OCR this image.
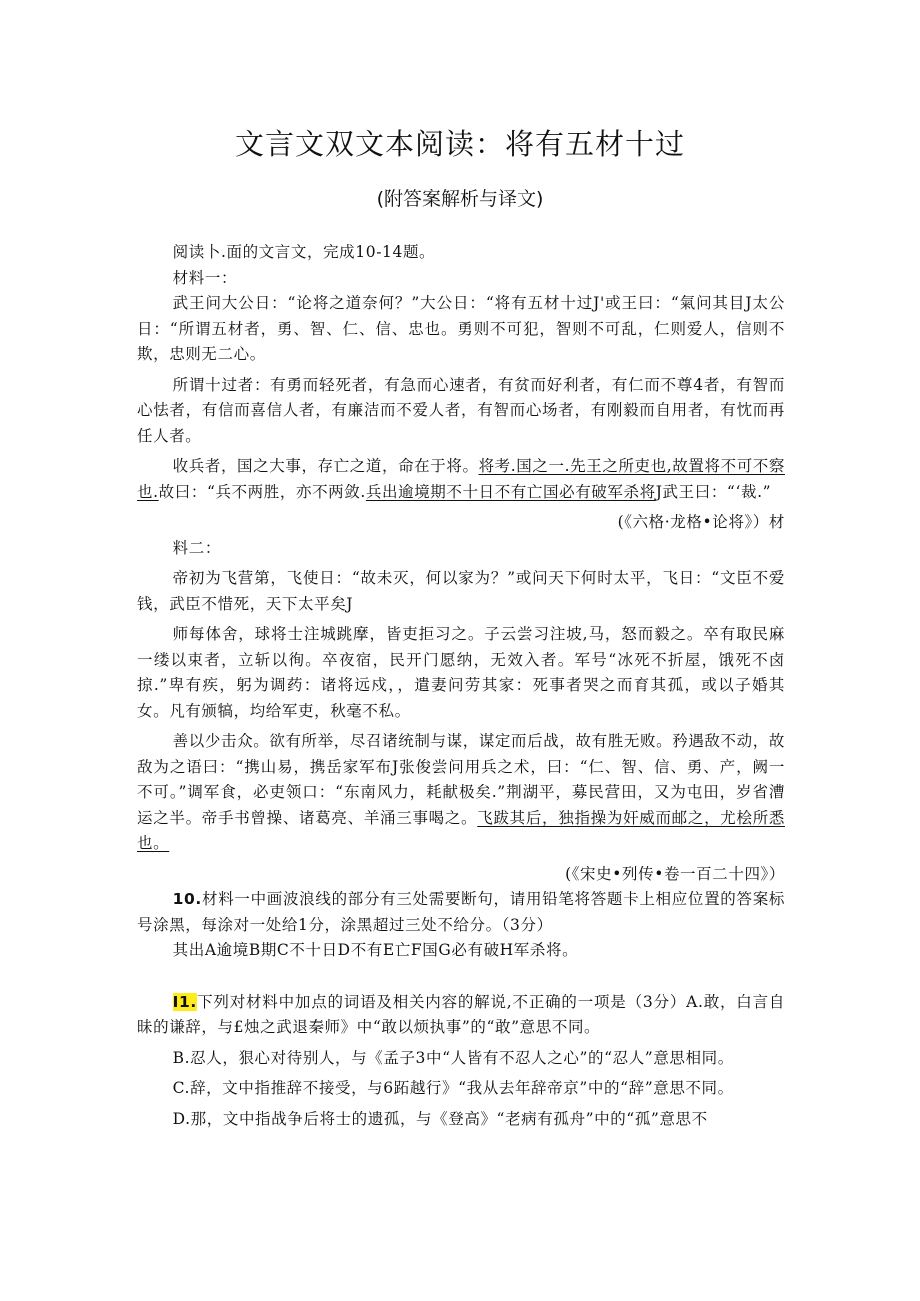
文言文双文本阅读：将有五材十过

(附答案解析与译文)

阅读卜.面的文言文，完成10-14题。

材料一：

武王问大公日：“论将之道奈何？”大公日：“将有五材十过J'或王曰：“氣问其目J太公日：“所谓五材者，勇、智、仁、信、忠也。勇则不可犯，智则不可乱，仁则爱人，信则不欺，忠则无二心。

所谓十过者：有勇而轻死者，有急而心速者，有贫而好利者，有仁而不尊4者，有智而心怯者，有信而喜信人者，有廉洁而不爱人者，有智而心场者，有刚毅而自用者，有忱而再任人者。

收兵者，国之大事，存亡之道，命在于将。将考.国之一.先王之所吏也,故置将不可不察也.故曰：“兵不两胜，亦不两敛.兵出逾境期不十日不有亡国必有破军杀将J武王曰：“‘裁.”

(《六格·龙格•论将》）材

料二：

帝初为飞营第，飞使日：“故未灭，何以家为？”或问天下何时太平，飞日：“文臣不爱钱，武臣不惜死，天下太平矣J

师每体舍，球将士注城跳摩，皆吏拒习之。子云尝习注坡,马，怒而毅之。卒有取民麻一缕以束者，立斩以徇。卒夜宿，民开门愿纳，无效入者。军号“冰死不折屋，饿死不卤掠.”卑有疾，躬为调药：诸将远戍，，遣妻问劳其家：死事者哭之而育其孤，或以子婚其女。凡有颁犒，均给军吏，秋毫不私。

善以少击众。欲有所举，尽召诸统制与谋，谋定而后战，故有胜无败。矜遇敌不动，故敌为之语曰：“携山易，携岳家军布J张俊尝问用兵之术，曰：“仁、智、信、勇、产，阙一不可。”调军食，必吏领口：“东南风力，耗献极矣.”荆湖平，募民营田，又为屯田，岁省漕运之半。帝手书曾操、诸葛亮、羊涌三事喝之。飞跋其后，独指操为奸威而邮之，尤桧所悉也。

(《宋史•列传•卷一百二十四》）

10.材料一中画波浪线的部分有三处需要断句，请用铅笔将答题卡上相应位置的答案标号涂黑，每涂对一处给1分，涂黑超过三处不给分。（3分）

其出A逾境B期C不十日D不有E亡F国G必有破H军杀将。

I1.下列对材料中加点的词语及相关内容的解说,不正确的一项是（3分）A.敢，白言自昧的谦辞，与£烛之武退秦师》中“敢以烦执事”的“敢”意思不同。

B.忍人，狠心对待别人，与《孟子3中“人皆有不忍人之心”的“忍人”意思相同。

C.辞，文中指推辞不接受，与6跖越行》“我从去年辞帝京”中的“辞”意思不同。

D.那，文中指战争后将士的遗孤，与《登高》“老病有孤舟”中的“孤”意思不
